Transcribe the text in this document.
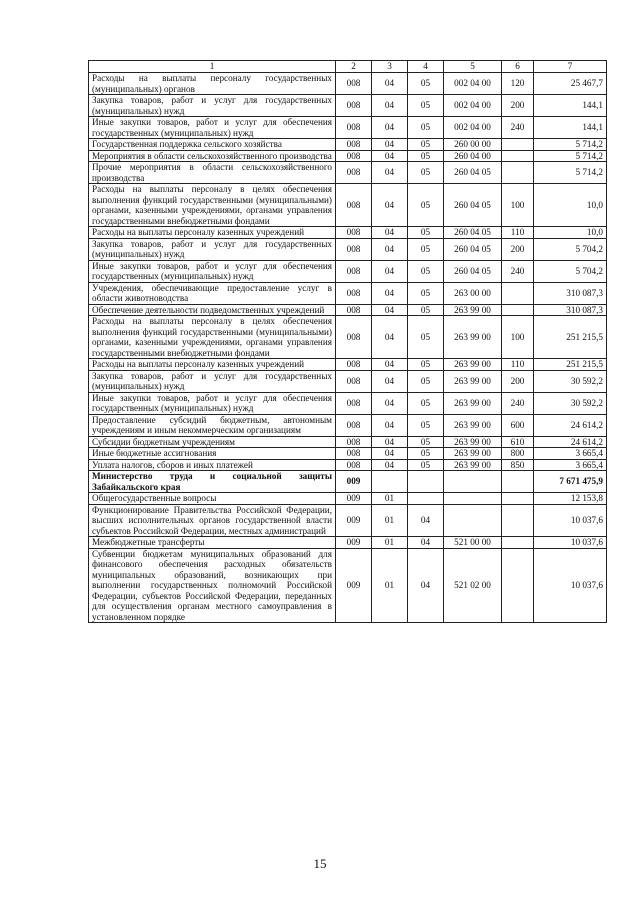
1	2	3	4	5	6	7
Расходы на выплаты персоналу государственных (муниципальных) органов	008	04	05	002 04 00	120	25 467,7
Закупка товаров, работ и услуг для государственных (муниципальных) нужд	008	04	05	002 04 00	200	144,1
Иные закупки товаров, работ и услуг для обеспечения государственных (муниципальных) нужд	008	04	05	002 04 00	240	144,1
Государственная поддержка сельского хозяйства	008	04	05	260 00 00		5 714,2
Мероприятия в области сельскохозяйственного производства	008	04	05	260 04 00		5 714,2
Прочие мероприятия в области сельскохозяйственного производства	008	04	05	260 04 05		5 714,2
Расходы на выплаты персоналу в целях обеспечения выполнения функций государственными (муниципальными) органами, казенными учреждениями, органами управления государственными внебюджетными фондами	008	04	05	260 04 05	100	10,0
Расходы на выплаты персоналу казенных учреждений	008	04	05	260 04 05	110	10,0
Закупка товаров, работ и услуг для государственных (муниципальных) нужд	008	04	05	260 04 05	200	5 704,2
Иные закупки товаров, работ и услуг для обеспечения государственных (муниципальных) нужд	008	04	05	260 04 05	240	5 704,2
Учреждения, обеспечивающие предоставление услуг в области животноводства	008	04	05	263 00 00		310 087,3
Обеспечение деятельности подведомственных учреждений	008	04	05	263 99 00		310 087,3
Расходы на выплаты персоналу в целях обеспечения выполнения функций государственными (муниципальными) органами, казенными учреждениями, органами управления государственными внебюджетными фондами	008	04	05	263 99 00	100	251 215,5
Расходы на выплаты персоналу казенных учреждений	008	04	05	263 99 00	110	251 215,5
Закупка товаров, работ и услуг для государственных (муниципальных) нужд	008	04	05	263 99 00	200	30 592,2
Иные закупки товаров, работ и услуг для обеспечения государственных (муниципальных) нужд	008	04	05	263 99 00	240	30 592,2
Предоставление субсидий бюджетным, автономным учреждениям и иным некоммерческим организациям	008	04	05	263 99 00	600	24 614,2
Субсидии бюджетным учреждениям	008	04	05	263 99 00	610	24 614,2
Иные бюджетные ассигнования	008	04	05	263 99 00	800	3 665,4
Уплата налогов, сборов и иных платежей	008	04	05	263 99 00	850	3 665,4
Министерство труда и социальной защиты Забайкальского края	009					7 671 475,9
Общегосударственные вопросы	009	01				12 153,8
Функционирование Правительства Российской Федерации, высших исполнительных органов государственной власти субъектов Российской Федерации, местных администраций	009	01	04			10 037,6
Межбюджетные трансферты	009	01	04	521 00 00		10 037,6
Субвенции бюджетам муниципальных образований для финансового обеспечения расходных обязательств муниципальных образований, возникающих при выполнении государственных полномочий Российской Федерации, субъектов Российской Федерации, переданных для осуществления органам местного самоуправления в установленном порядке	009	01	04	521 02 00		10 037,6
15
